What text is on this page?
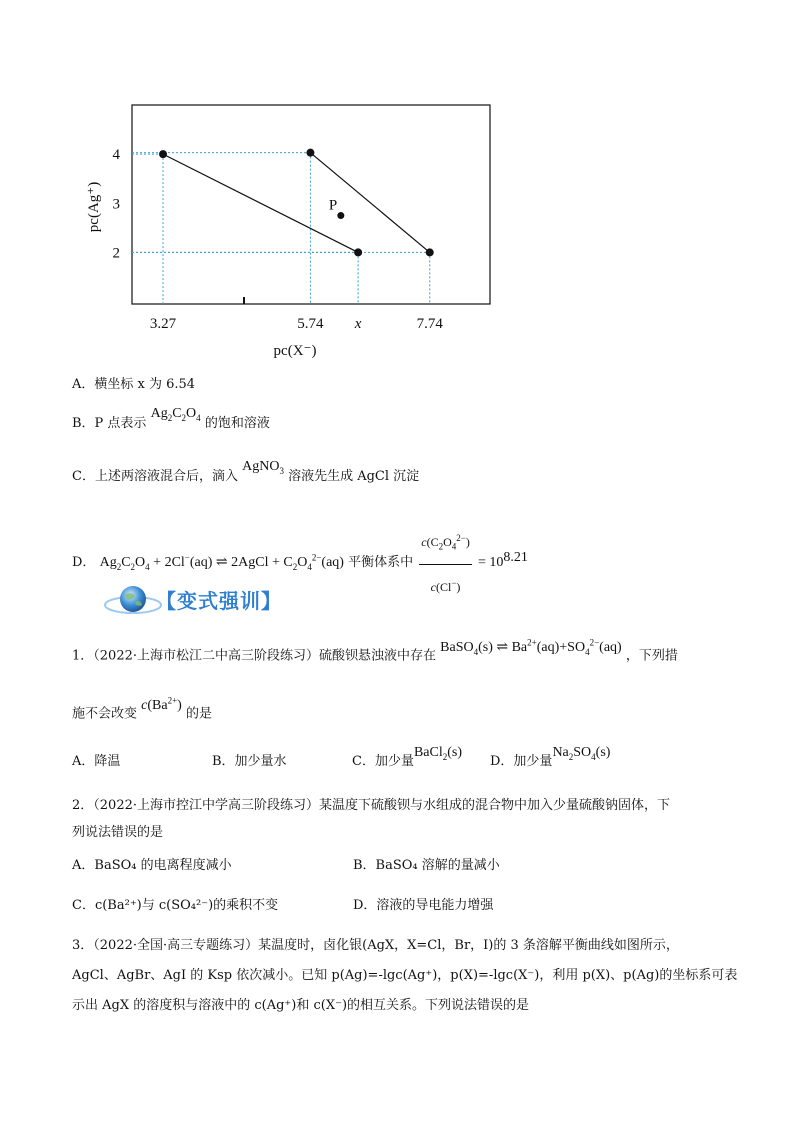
P
3.27	5.74 x	7.74
4
3
2
pc(X⁻)
pc(Ag⁺)
A．横坐标 x 为 6.54
B．P 点表示 $Ag_2C_2O_4$ 的饱和溶液
C．上述两溶液混合后，滴入 AgNO$_3$ 溶液先生成 AgCl 沉淀
D． $Ag_2C_2O_4 + 2Cl^-(aq)$ ⇌ 2AgCl + $C_2O_4^{2-}(aq)$ 平衡体系中 $\frac{c(C_2O_4^{2-})}{c(Cl^-)} = 10^{8.21}$
【变式强训】
1．（2022·上海市松江二中高三阶段练习）硫酸钡悬浊液中存在 BaSO$_4$(s) ⇌ $Ba^{2+}(aq)+SO_4^{2-}(aq)$ ，下列措
施不会改变 $c(Ba^{2+})$ 的是
A．降温	B．加少量水	C．加少量BaCl$_2$(s)
D．加少量$Na_2SO_4(s)$
2．（2022·上海市控江中学高三阶段练习）某温度下硫酸钡与水组成的混合物中加入少量硫酸钠固体，下
列说法错误的是
A．BaSO₄ 的电离程度减小	B．BaSO₄ 溶解的量减小
C．c(Ba²⁺)与 c(SO₄²⁻)的乘积不变	D．溶液的导电能力增强
3．（2022·全国·高三专题练习）某温度时，卤化银(AgX，X=Cl，Br，I)的 3 条溶解平衡曲线如图所示，
AgCl、AgBr、AgI 的 Ksp 依次减小。已知 p(Ag)=-lgc(Ag⁺)，p(X)=-lgc(X⁻)，利用 p(X)、p(Ag)的坐标系可表
示出 AgX 的溶度积与溶液中的 c(Ag⁺)和 c(X⁻)的相互关系。下列说法错误的是
